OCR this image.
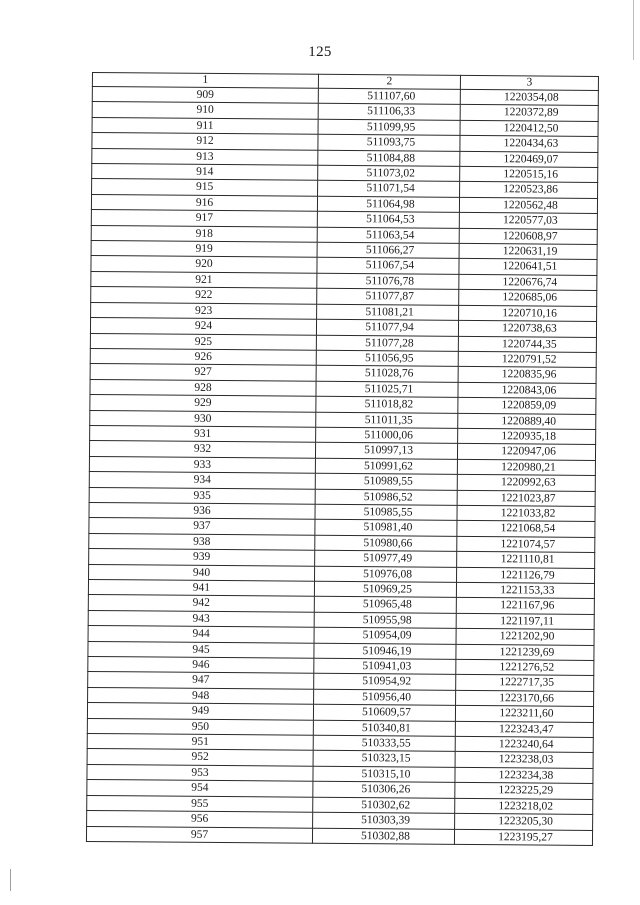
125
1	2	3
909	511107,60	1220354,08
910	511106,33	1220372,89
911	511099,95	1220412,50
912	511093,75	1220434,63
913	511084,88	1220469,07
914	511073,02	1220515,16
915	511071,54	1220523,86
916	511064,98	1220562,48
917	511064,53	1220577,03
918	511063,54	1220608,97
919	511066,27	1220631,19
920	511067,54	1220641,51
921	511076,78	1220676,74
922	511077,87	1220685,06
923	511081,21	1220710,16
924	511077,94	1220738,63
925	511077,28	1220744,35
926	511056,95	1220791,52
927	511028,76	1220835,96
928	511025,71	1220843,06
929	511018,82	1220859,09
930	511011,35	1220889,40
931	511000,06	1220935,18
932	510997,13	1220947,06
933	510991,62	1220980,21
934	510989,55	1220992,63
935	510986,52	1221023,87
936	510985,55	1221033,82
937	510981,40	1221068,54
938	510980,66	1221074,57
939	510977,49	1221110,81
940	510976,08	1221126,79
941	510969,25	1221153,33
942	510965,48	1221167,96
943	510955,98	1221197,11
944	510954,09	1221202,90
945	510946,19	1221239,69
946	510941,03	1221276,52
947	510954,92	1222717,35
948	510956,40	1223170,66
949	510609,57	1223211,60
950	510340,81	1223243,47
951	510333,55	1223240,64
952	510323,15	1223238,03
953	510315,10	1223234,38
954	510306,26	1223225,29
955	510302,62	1223218,02
956	510303,39	1223205,30
957	510302,88	1223195,27
